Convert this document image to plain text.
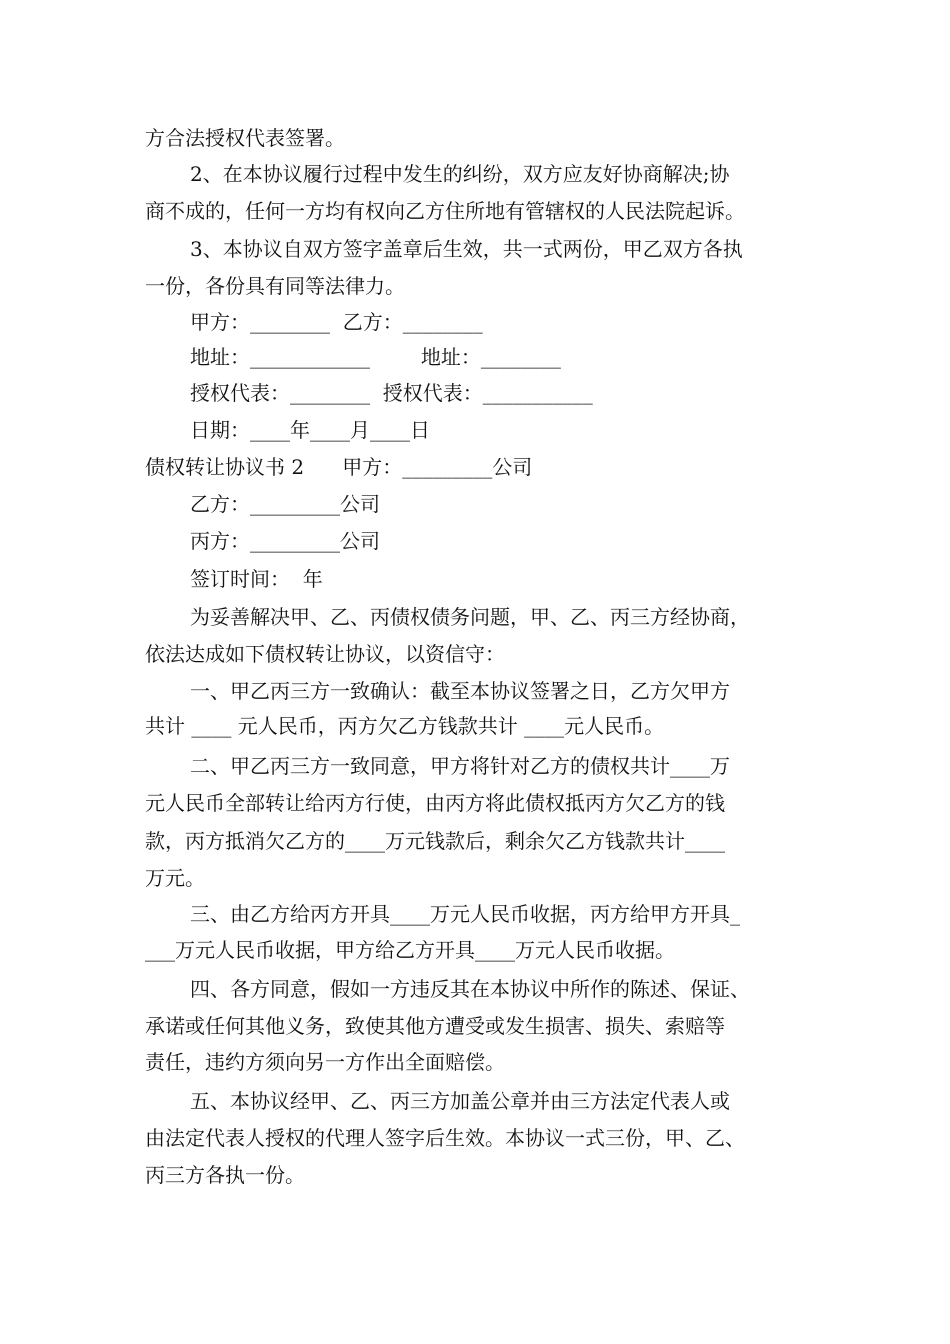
方合法授权代表签署。
2、在本协议履行过程中发生的纠纷，双方应友好协商解决;协
商不成的，任何一方均有权向乙方住所地有管辖权的人民法院起诉。
3、本协议自双方签字盖章后生效，共一式两份，甲乙双方各执
一份，各份具有同等法律力。
甲方：________  乙方：________
地址：____________        地址：________
授权代表：________  授权代表：___________
日期：____年____月____日
债权转让协议书 2      甲方：_________公司
乙方：_________公司
丙方：_________公司
签订时间：  年
为妥善解决甲、乙、丙债权债务问题，甲、乙、丙三方经协商，
依法达成如下债权转让协议，以资信守：
一、甲乙丙三方一致确认：截至本协议签署之日，乙方欠甲方
共计 ____ 元人民币，丙方欠乙方钱款共计 ____元人民币。
二、甲乙丙三方一致同意，甲方将针对乙方的债权共计____万
元人民币全部转让给丙方行使，由丙方将此债权抵丙方欠乙方的钱
款，丙方抵消欠乙方的____万元钱款后，剩余欠乙方钱款共计____
万元。
三、由乙方给丙方开具____万元人民币收据，丙方给甲方开具_
___万元人民币收据，甲方给乙方开具____万元人民币收据。
四、各方同意，假如一方违反其在本协议中所作的陈述、保证、
承诺或任何其他义务，致使其他方遭受或发生损害、损失、索赔等
责任，违约方须向另一方作出全面赔偿。
五、本协议经甲、乙、丙三方加盖公章并由三方法定代表人或
由法定代表人授权的代理人签字后生效。本协议一式三份，甲、乙、
丙三方各执一份。
